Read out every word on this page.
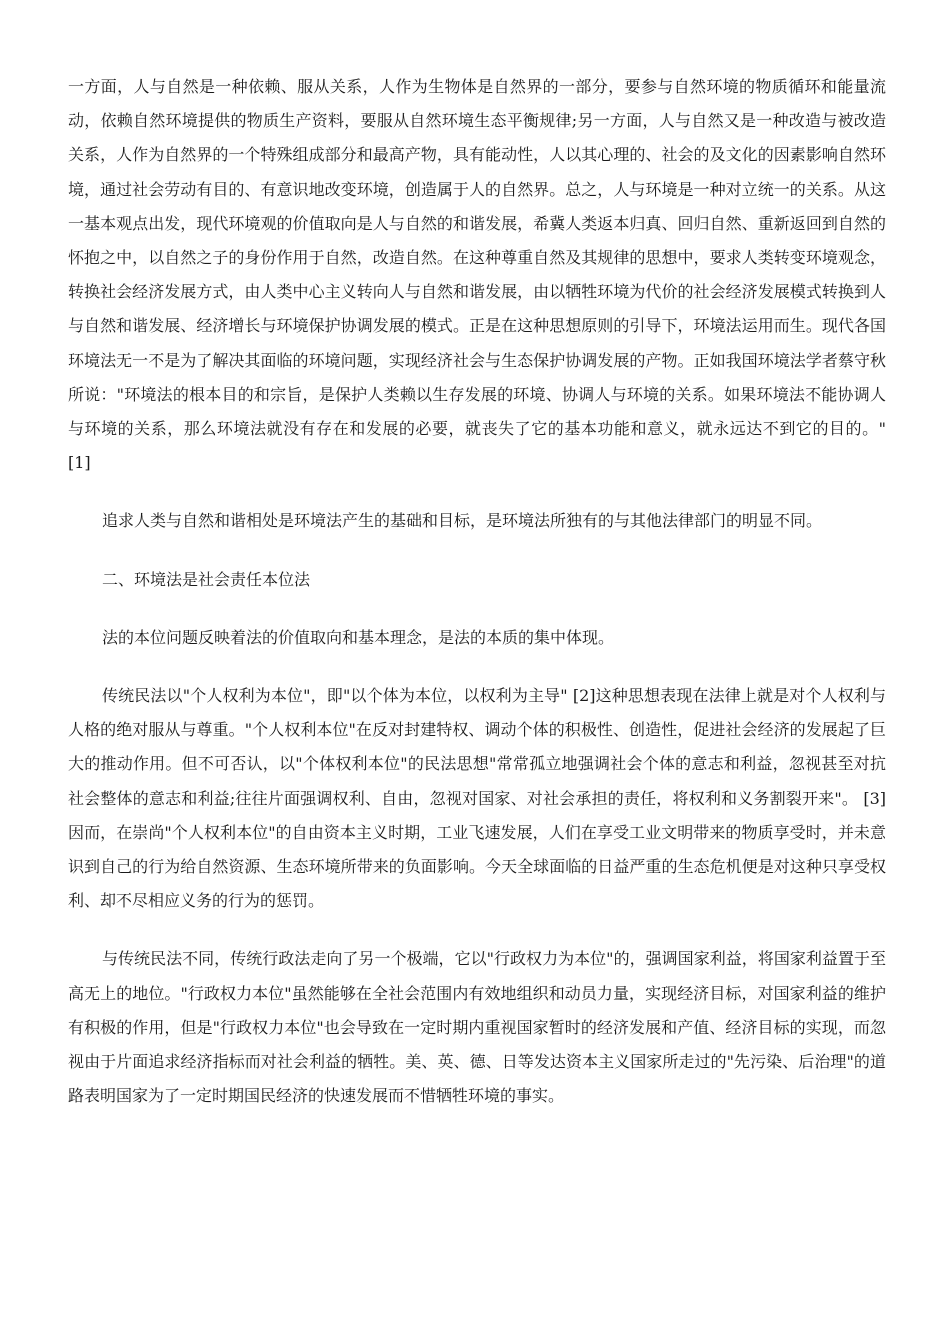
一方面，人与自然是一种依赖、服从关系，人作为生物体是自然界的一部分，要参与自然环境的物质循环和能量流动，依赖自然环境提供的物质生产资料，要服从自然环境生态平衡规律;另一方面，人与自然又是一种改造与被改造关系，人作为自然界的一个特殊组成部分和最高产物，具有能动性，人以其心理的、社会的及文化的因素影响自然环境，通过社会劳动有目的、有意识地改变环境，创造属于人的自然界。总之，人与环境是一种对立统一的关系。从这一基本观点出发，现代环境观的价值取向是人与自然的和谐发展，希冀人类返本归真、回归自然、重新返回到自然的怀抱之中，以自然之子的身份作用于自然，改造自然。在这种尊重自然及其规律的思想中，要求人类转变环境观念，转换社会经济发展方式，由人类中心主义转向人与自然和谐发展，由以牺牲环境为代价的社会经济发展模式转换到人与自然和谐发展、经济增长与环境保护协调发展的模式。正是在这种思想原则的引导下，环境法运用而生。现代各国环境法无一不是为了解决其面临的环境问题，实现经济社会与生态保护协调发展的产物。正如我国环境法学者蔡守秋所说："环境法的根本目的和宗旨，是保护人类赖以生存发展的环境、协调人与环境的关系。如果环境法不能协调人与环境的关系，那么环境法就没有存在和发展的必要，就丧失了它的基本功能和意义，就永远达不到它的目的。" [1]

追求人类与自然和谐相处是环境法产生的基础和目标，是环境法所独有的与其他法律部门的明显不同。

二、环境法是社会责任本位法

法的本位问题反映着法的价值取向和基本理念，是法的本质的集中体现。

传统民法以"个人权利为本位"，即"以个体为本位，以权利为主导" [2]这种思想表现在法律上就是对个人权利与人格的绝对服从与尊重。"个人权利本位"在反对封建特权、调动个体的积极性、创造性，促进社会经济的发展起了巨大的推动作用。但不可否认，以"个体权利本位"的民法思想"常常孤立地强调社会个体的意志和利益，忽视甚至对抗社会整体的意志和利益;往往片面强调权利、自由，忽视对国家、对社会承担的责任，将权利和义务割裂开来"。 [3]因而，在崇尚"个人权利本位"的自由资本主义时期，工业飞速发展，人们在享受工业文明带来的物质享受时，并未意识到自己的行为给自然资源、生态环境所带来的负面影响。今天全球面临的日益严重的生态危机便是对这种只享受权利、却不尽相应义务的行为的惩罚。

与传统民法不同，传统行政法走向了另一个极端，它以"行政权力为本位"的，强调国家利益，将国家利益置于至高无上的地位。"行政权力本位"虽然能够在全社会范围内有效地组织和动员力量，实现经济目标，对国家利益的维护有积极的作用，但是"行政权力本位"也会导致在一定时期内重视国家暂时的经济发展和产值、经济目标的实现，而忽视由于片面追求经济指标而对社会利益的牺牲。美、英、德、日等发达资本主义国家所走过的"先污染、后治理"的道路表明国家为了一定时期国民经济的快速发展而不惜牺牲环境的事实。
